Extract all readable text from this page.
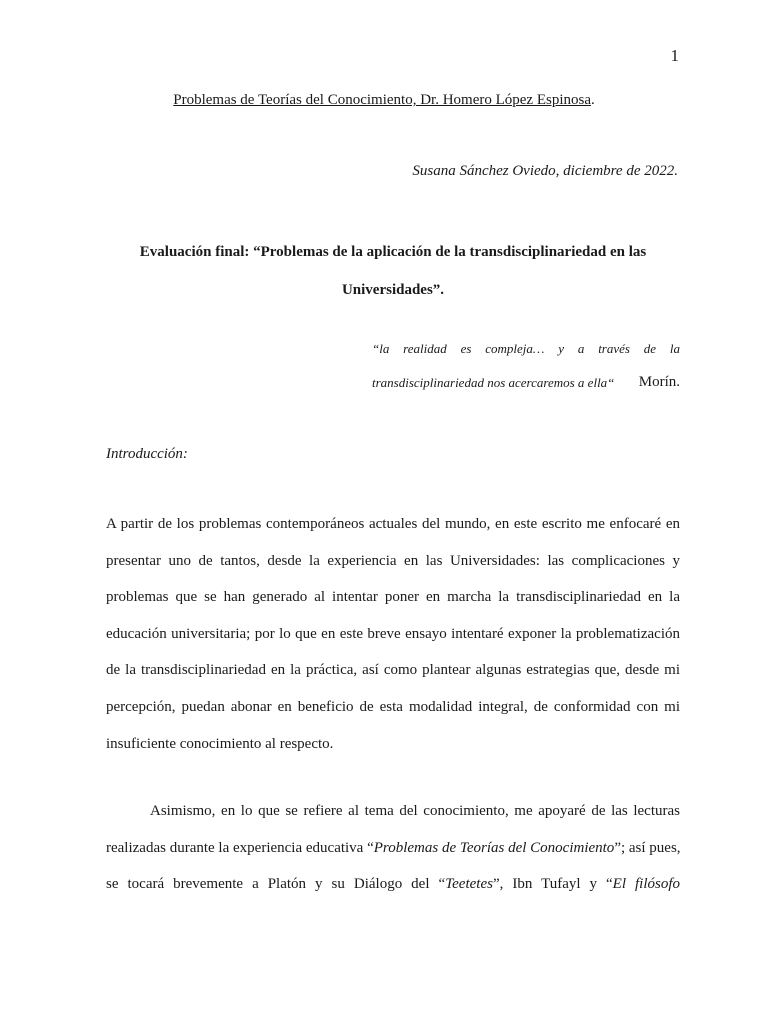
1
Problemas de Teorías del Conocimiento, Dr. Homero López Espinosa.
Susana Sánchez Oviedo, diciembre de 2022.
Evaluación final: “Problemas de la aplicación de la transdisciplinariedad en las
Universidades”.
“la realidad es compleja… y a través de la
transdisciplinariedad nos acercaremos a ella“ Morín.
Introducción:
A partir de los problemas contemporáneos actuales del mundo, en este escrito me enfocaré en
presentar uno de tantos, desde la experiencia en las Universidades: las complicaciones y
problemas que se han generado al intentar poner en marcha la transdisciplinariedad en la
educación universitaria; por lo que en este breve ensayo intentaré exponer la problematización
de la transdisciplinariedad en la práctica, así como plantear algunas estrategias que, desde mi
percepción, puedan abonar en beneficio de esta modalidad integral, de conformidad con mi
insuficiente conocimiento al respecto.
Asimismo, en lo que se refiere al tema del conocimiento, me apoyaré de las lecturas
realizadas durante la experiencia educativa “Problemas de Teorías del Conocimiento”; así pues,
se tocará brevemente a Platón y su Diálogo del “Teetetes”, Ibn Tufayl y “El filósofo
